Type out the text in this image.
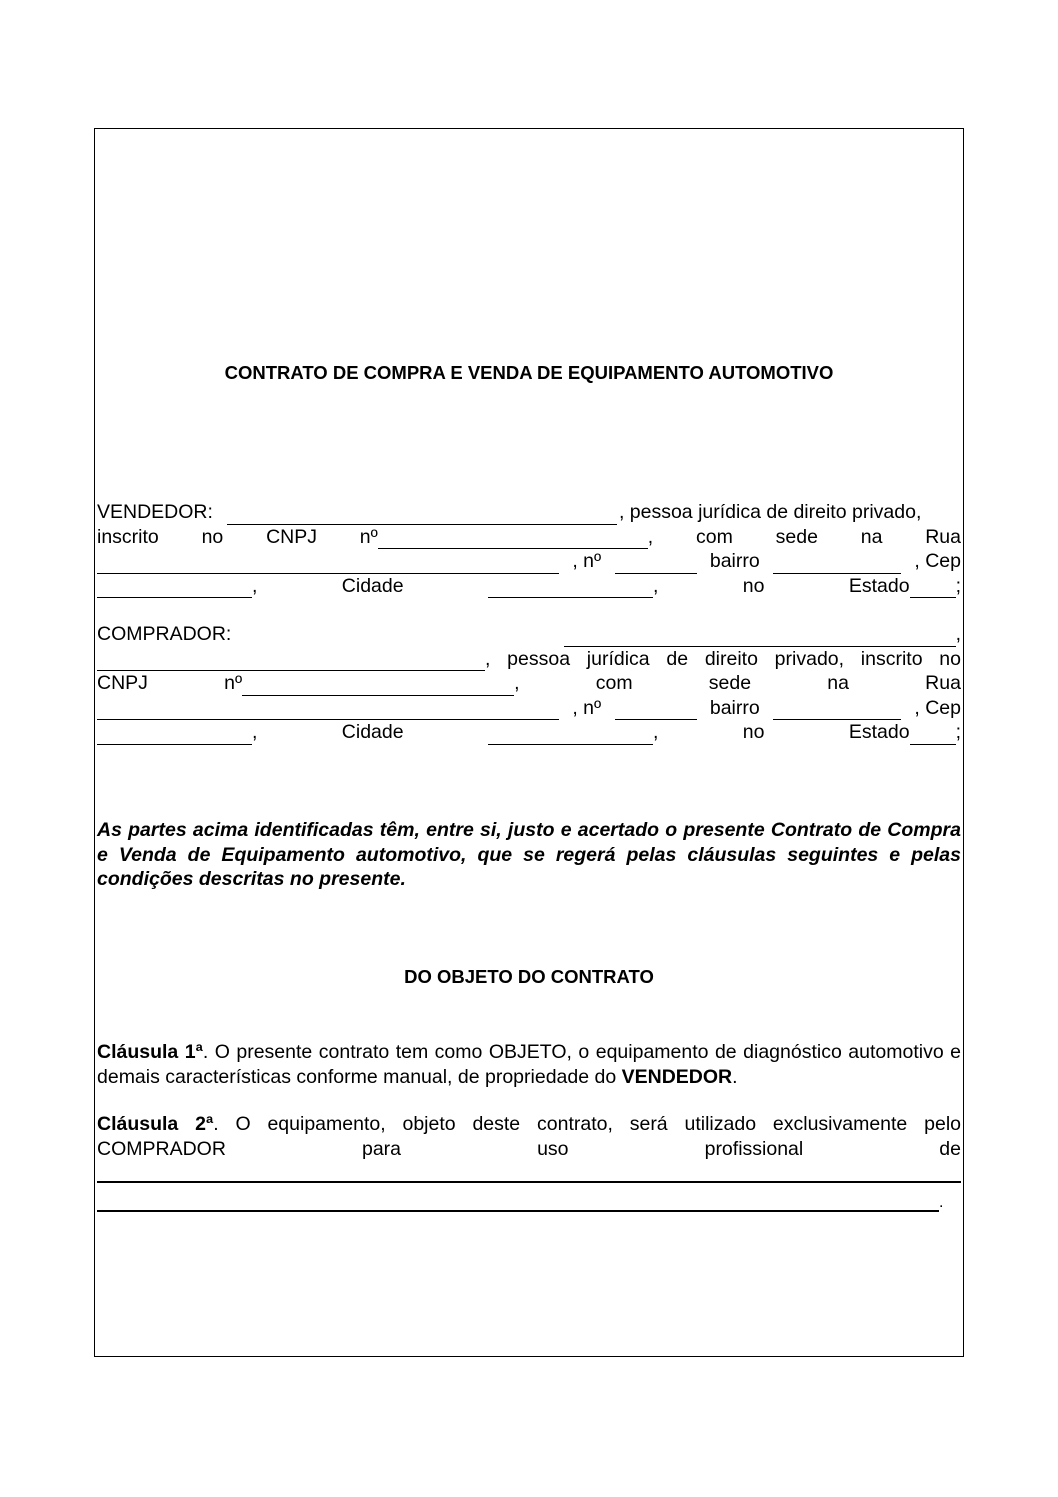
CONTRATO DE COMPRA E VENDA DE EQUIPAMENTO AUTOMOTIVO
VENDEDOR:	, pessoa jurídica de direito privado,
inscrito no CNPJ nº	, com sede na Rua
, nº	bairro	, Cep
,	Cidade	,	no	Estado ;
COMPRADOR:	,
, pessoa jurídica de direito privado, inscrito no
CNPJ	nº	,	com	sede	na	Rua
, nº	bairro	, Cep
,	Cidade	,	no	Estado ;
As partes acima identificadas têm, entre si, justo e acertado o presente Contrato de Compra e Venda de Equipamento automotivo, que se regerá pelas cláusulas seguintes e pelas condições descritas no presente.
DO OBJETO DO CONTRATO
Cláusula 1ª. O presente contrato tem como OBJETO, o equipamento de diagnóstico automotivo e demais características conforme manual, de propriedade do VENDEDOR.
Cláusula 2ª. O equipamento, objeto deste contrato, será utilizado exclusivamente pelo
COMPRADOR	para	uso	profissional	de
.
